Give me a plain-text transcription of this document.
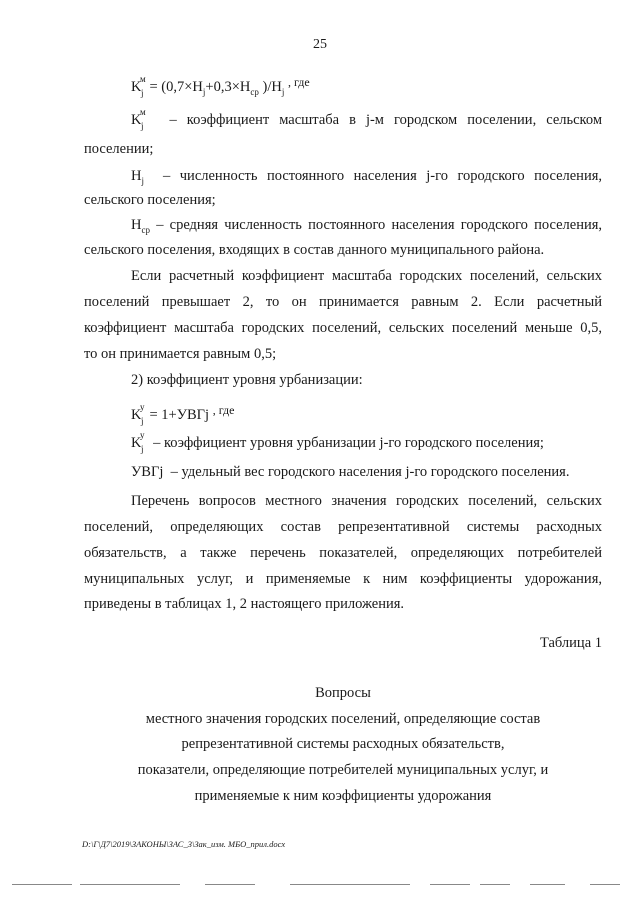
25
K
м
$j = (0,7\times H_j+0,3\times H_{ср}$ )$/H_j$ $^{, где}$
K
м
j – коэффициент масштаба в j-м городском поселении, сельском
поселении;
$H_j$ – численность постоянного населения j-го городского поселения,
сельского поселения;
$H_{ср}$ – средняя численность постоянного населения городского поселения,
сельского поселения, входящих в состав данного муниципального района.
Если расчетный коэффициент масштаба городских поселений, сельских
поселений превышает 2, то он принимается равным 2. Если расчетный
коэффициент масштаба городских поселений, сельских поселений меньше 0,5,
то он принимается равным 0,5;
2) коэффициент уровня урбанизации:
K
у
j = 1+УВГj $^{, где}$
K
у
j – коэффициент уровня урбанизации j-го городского поселения;
УВГj – удельный вес городского населения j-го городского поселения.
Перечень вопросов местного значения городских поселений, сельских
поселений, определяющих состав репрезентативной системы расходных
обязательств, а также перечень показателей, определяющих потребителей
муниципальных услуг, и применяемые к ним коэффициенты удорожания,
приведены в таблицах 1, 2 настоящего приложения.
Таблица 1
Вопросы
местного значения городских поселений, определяющие состав
репрезентативной системы расходных обязательств,
показатели, определяющие потребителей муниципальных услуг, и
применяемые к ним коэффициенты удорожания
D:\Г\Д7\2019\ЗАКОНЫ\ЗАС_3\Зак_изм. МБО_прил.docx
